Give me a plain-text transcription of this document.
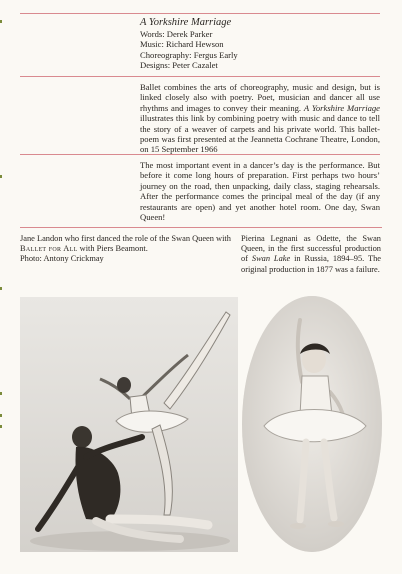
A Yorkshire Marriage
Words: Derek Parker
Music: Richard Hewson
Choreography: Fergus Early
Designs: Peter Cazalet
Ballet combines the arts of choreography, music and design, but is linked closely also with poetry. Poet, musician and dancer all use rhythms and images to convey their meaning. A Yorkshire Marriage illustrates this link by combining poetry with music and dance to tell the story of a weaver of carpets and his private world. This ballet-poem was first presented at the Jeannetta Cochrane Theatre, London, on 15 September 1966
The most important event in a dancer’s day is the performance. But before it come long hours of preparation. First perhaps two hours’ journey on the road, then unpacking, daily class, staging rehearsals. After the performance comes the principal meal of the day (if any restaurants are open) and yet another hotel room. One day, Swan Queen!
Jane Landon who first danced the role of the Swan Queen with Ballet for All with Piers Beamont.
Photo: Antony Crickmay
Pierina Legnani as Odette, the Swan Queen, in the first successful production of Swan Lake in Russia, 1894–95. The original production in 1877 was a failure.
